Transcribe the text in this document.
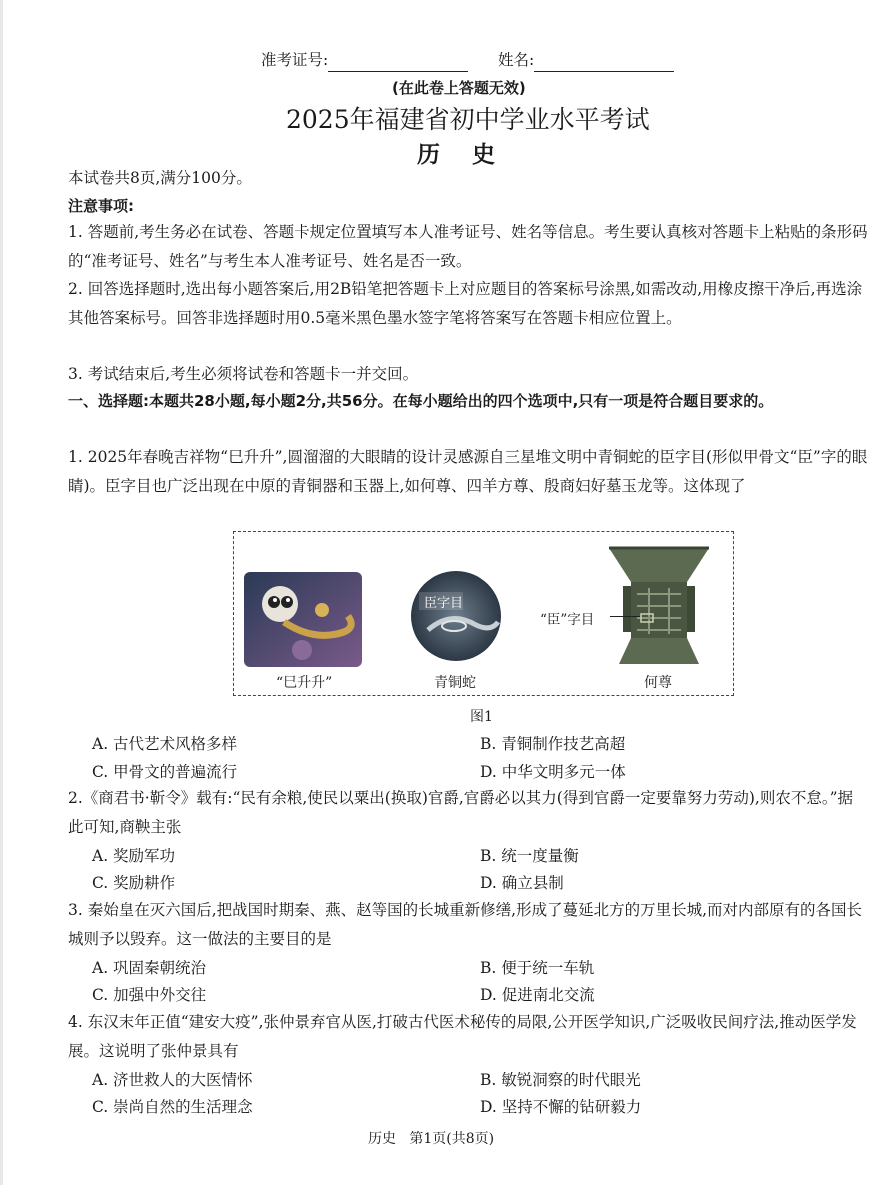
准考证号:	姓名:
(在此卷上答题无效)
2025年福建省初中学业水平考试
历    史
本试卷共8页,满分100分。
注意事项:
1. 答题前,考生务必在试卷、答题卡规定位置填写本人准考证号、姓名等信息。考生要认真核对答题卡上粘贴的条形码的“准考证号、姓名”与考生本人准考证号、姓名是否一致。
2. 回答选择题时,选出每小题答案后,用2B铅笔把答题卡上对应题目的答案标号涂黑,如需改动,用橡皮擦干净后,再选涂其他答案标号。回答非选择题时用0.5毫米黑色墨水签字笔将答案写在答题卡相应位置上。
3. 考试结束后,考生必须将试卷和答题卡一并交回。
一、选择题:本题共28小题,每小题2分,共56分。在每小题给出的四个选项中,只有一项是符合题目要求的。
1. 2025年春晚吉祥物“巳升升”,圆溜溜的大眼睛的设计灵感源自三星堆文明中青铜蛇的臣字目(形似甲骨文“臣”字的眼睛)。臣字目也广泛出现在中原的青铜器和玉器上,如何尊、四羊方尊、殷商妇好墓玉龙等。这体现了
臣字目
“臣”字目
“巳升升”	青铜蛇	何尊
图1
A. 古代艺术风格多样	B. 青铜制作技艺高超
C. 甲骨文的普遍流行	D. 中华文明多元一体
2.《商君书·靳令》载有:“民有余粮,使民以粟出(换取)官爵,官爵必以其力(得到官爵一定要靠努力劳动),则农不怠。”据此可知,商鞅主张
A. 奖励军功	B. 统一度量衡
C. 奖励耕作	D. 确立县制
3. 秦始皇在灭六国后,把战国时期秦、燕、赵等国的长城重新修缮,形成了蔓延北方的万里长城,而对内部原有的各国长城则予以毁弃。这一做法的主要目的是
A. 巩固秦朝统治	B. 便于统一车轨
C. 加强中外交往	D. 促进南北交流
4. 东汉末年正值“建安大疫”,张仲景弃官从医,打破古代医术秘传的局限,公开医学知识,广泛吸收民间疗法,推动医学发展。这说明了张仲景具有
A. 济世救人的大医情怀	B. 敏锐洞察的时代眼光
C. 崇尚自然的生活理念	D. 坚持不懈的钻研毅力
历史   第1页(共8页)
